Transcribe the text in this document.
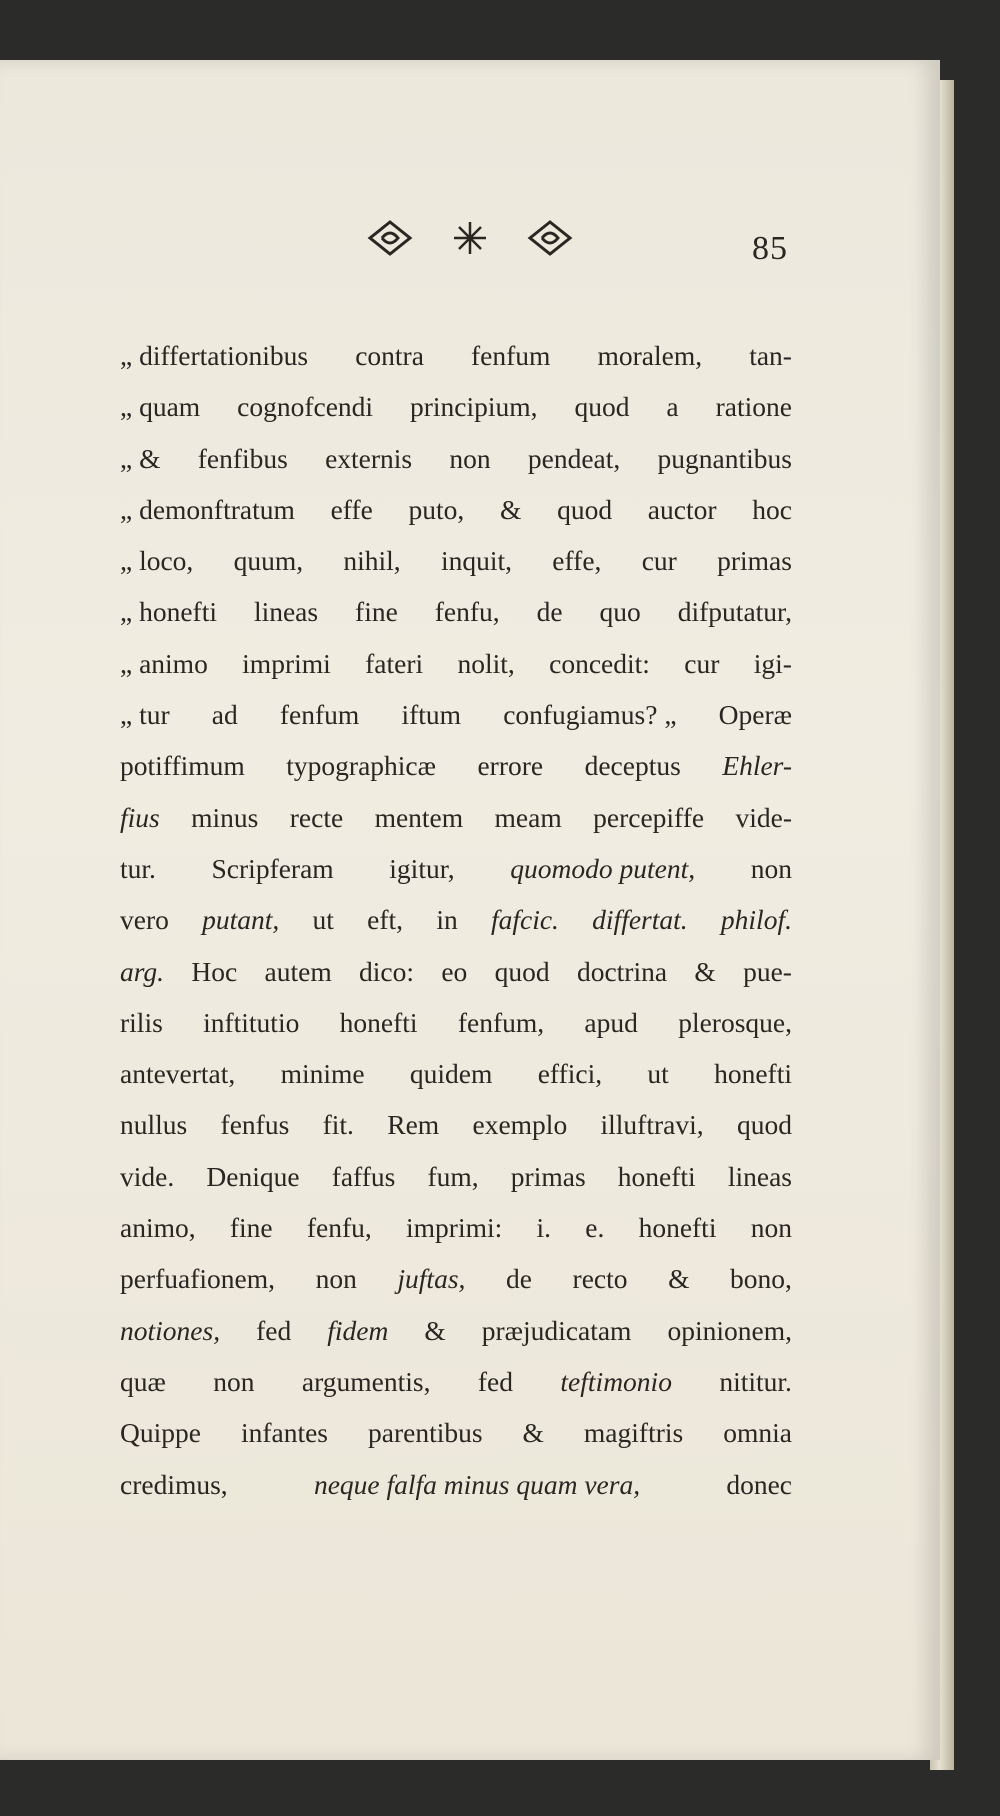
85
„ differtationibus contra fenfum moralem, tan-
„ quam cognofcendi principium, quod a ratione
„ & fenfibus externis non pendeat, pugnantibus
„ demonftratum effe puto, & quod auctor hoc
„ loco, quum, nihil, inquit, effe, cur primas
„ honefti lineas fine fenfu, de quo difputatur,
„ animo imprimi fateri nolit, concedit: cur igi-
„ tur ad fenfum iftum confugiamus? „ Operæ
potiffimum typographicæ errore deceptus Ehler-
fius minus recte mentem meam percepiffe vide-
tur. Scripferam igitur, quomodo putent, non
vero putant, ut eft, in fafcic. differtat. philof.
arg. Hoc autem dico: eo quod doctrina & pue-
rilis inftitutio honefti fenfum, apud plerosque,
antevertat, minime quidem effici, ut honefti
nullus fenfus fit. Rem exemplo illuftravi, quod
vide. Denique faffus fum, primas honefti lineas
animo, fine fenfu, imprimi: i. e. honefti non
perfuafionem, non juftas, de recto & bono,
notiones, fed fidem & præjudicatam opinionem,
quæ non argumentis, fed teftimonio nititur.
Quippe infantes parentibus & magiftris omnia
credimus,	neque falfa minus quam vera,	donec
